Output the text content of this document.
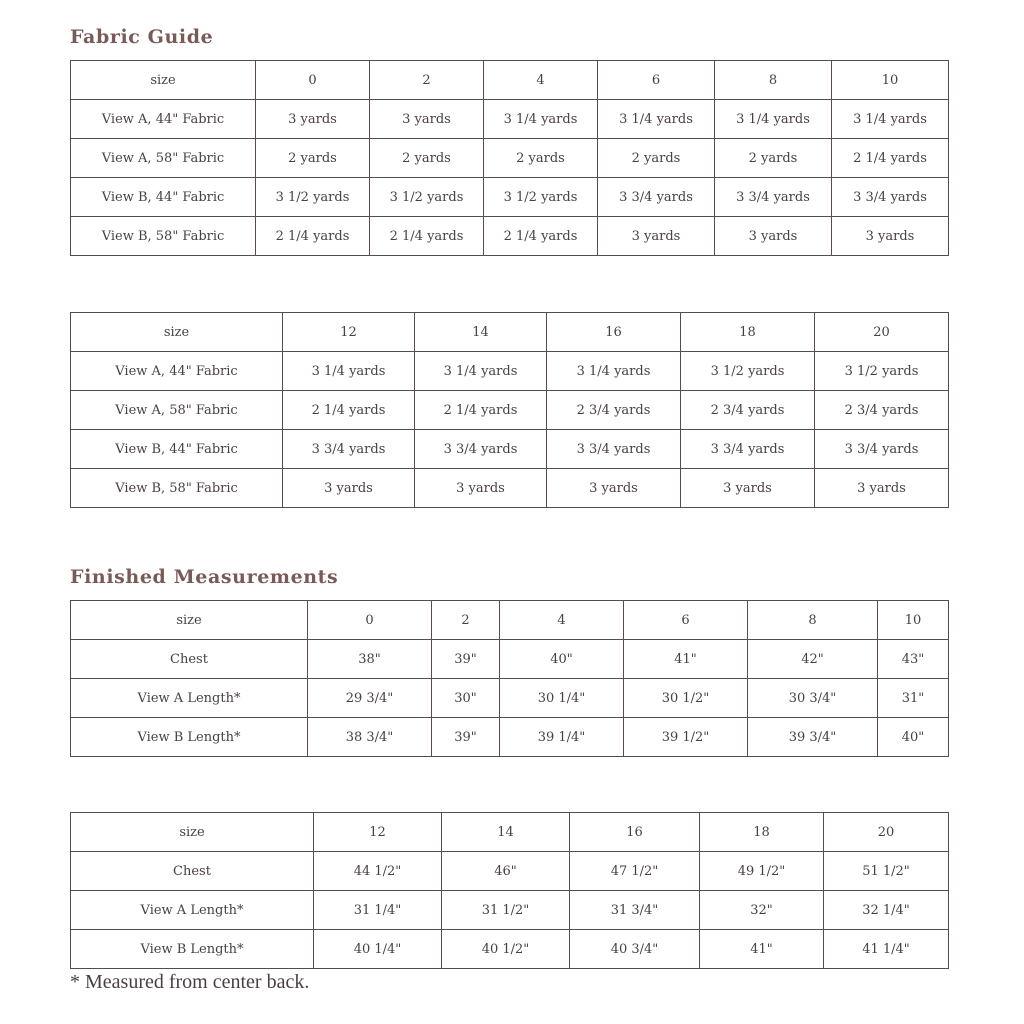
Fabric Guide
size	0	2	4	6	8	10
View A, 44" Fabric	3 yards	3 yards	3 1/4 yards	3 1/4 yards	3 1/4 yards	3 1/4 yards
View A, 58" Fabric	2 yards	2 yards	2 yards	2 yards	2 yards	2 1/4 yards
View B, 44" Fabric	3 1/2 yards	3 1/2 yards	3 1/2 yards	3 3/4 yards	3 3/4 yards	3 3/4 yards
View B, 58" Fabric	2 1/4 yards	2 1/4 yards	2 1/4 yards	3 yards	3 yards	3 yards
size	12	14	16	18	20
View A, 44" Fabric	3 1/4 yards	3 1/4 yards	3 1/4 yards	3 1/2 yards	3 1/2 yards
View A, 58" Fabric	2 1/4 yards	2 1/4 yards	2 3/4 yards	2 3/4 yards	2 3/4 yards
View B, 44" Fabric	3 3/4 yards	3 3/4 yards	3 3/4 yards	3 3/4 yards	3 3/4 yards
View B, 58" Fabric	3 yards	3 yards	3 yards	3 yards	3 yards
Finished Measurements
size	0	2	4	6	8	10
Chest	38"	39"	40"	41"	42"	43"
View A Length*	29 3/4"	30"	30 1/4"	30 1/2"	30 3/4"	31"
View B Length*	38 3/4"	39"	39 1/4"	39 1/2"	39 3/4"	40"
size	12	14	16	18	20
Chest	44 1/2"	46"	47 1/2"	49 1/2"	51 1/2"
View A Length*	31 1/4"	31 1/2"	31 3/4"	32"	32 1/4"
View B Length*	40 1/4"	40 1/2"	40 3/4"	41"	41 1/4"
* Measured from center back.
